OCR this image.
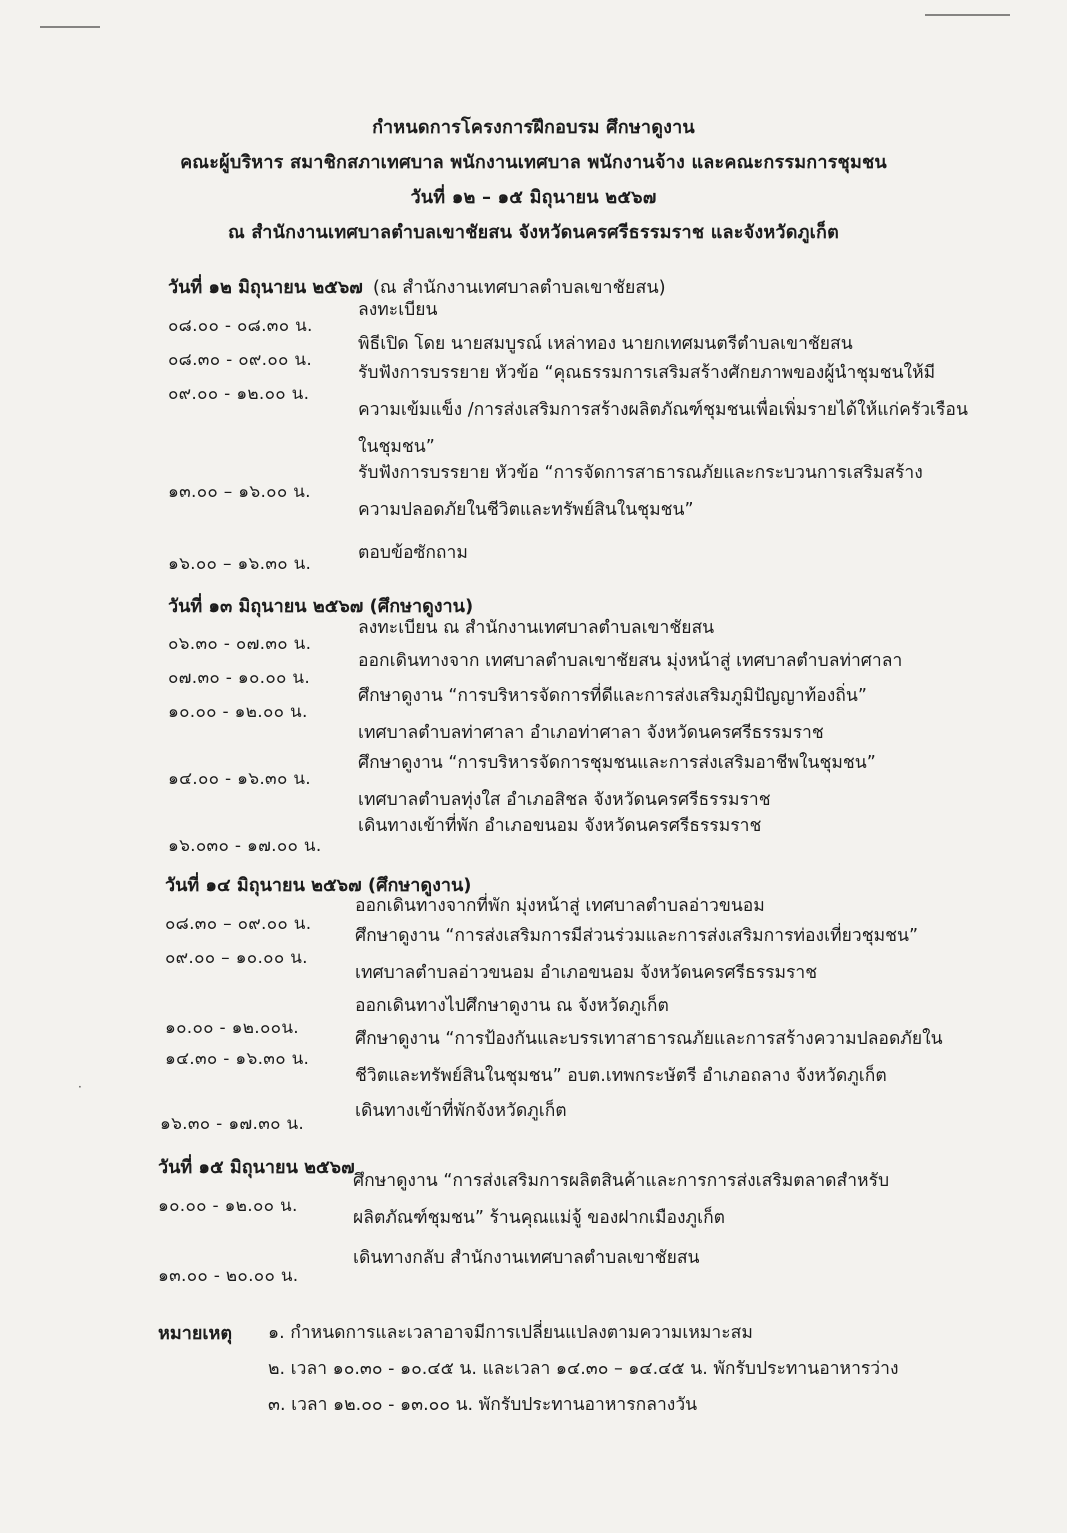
·
กำหนดการโครงการฝึกอบรม ศึกษาดูงาน
คณะผู้บริหาร สมาชิกสภาเทศบาล พนักงานเทศบาล พนักงานจ้าง และคณะกรรมการชุมชน
วันที่ ๑๒ – ๑๕ มิถุนายน ๒๕๖๗
ณ สำนักงานเทศบาลตำบลเขาชัยสน จังหวัดนครศรีธรรมราช และจังหวัดภูเก็ต
วันที่ ๑๒ มิถุนายน ๒๕๖๗ (ณ สำนักงานเทศบาลตำบลเขาชัยสน)
๐๘.๐๐ - ๐๘.๓๐ น.
ลงทะเบียน
๐๘.๓๐ - ๐๙.๐๐ น.
พิธีเปิด โดย นายสมบูรณ์ เหล่าทอง นายกเทศมนตรีตำบลเขาชัยสน
๐๙.๐๐ - ๑๒.๐๐ น.
รับฟังการบรรยาย หัวข้อ “คุณธรรมการเสริมสร้างศักยภาพของผู้นำชุมชนให้มี
ความเข้มแข็ง /การส่งเสริมการสร้างผลิตภัณฑ์ชุมชนเพื่อเพิ่มรายได้ให้แก่ครัวเรือน
ในชุมชน”
๑๓.๐๐ – ๑๖.๐๐ น.
รับฟังการบรรยาย หัวข้อ “การจัดการสาธารณภัยและกระบวนการเสริมสร้าง
ความปลอดภัยในชีวิตและทรัพย์สินในชุมชน”
๑๖.๐๐ – ๑๖.๓๐ น.
ตอบข้อซักถาม
วันที่ ๑๓ มิถุนายน ๒๕๖๗ (ศึกษาดูงาน)
๐๖.๓๐ - ๐๗.๓๐ น.
ลงทะเบียน ณ สำนักงานเทศบาลตำบลเขาชัยสน
๐๗.๓๐ - ๑๐.๐๐ น.
ออกเดินทางจาก เทศบาลตำบลเขาชัยสน มุ่งหน้าสู่ เทศบาลตำบลท่าศาลา
๑๐.๐๐ - ๑๒.๐๐ น.
ศึกษาดูงาน “การบริหารจัดการที่ดีและการส่งเสริมภูมิปัญญาท้องถิ่น”
เทศบาลตำบลท่าศาลา อำเภอท่าศาลา จังหวัดนครศรีธรรมราช
๑๔.๐๐ - ๑๖.๓๐ น.
ศึกษาดูงาน “การบริหารจัดการชุมชนและการส่งเสริมอาชีพในชุมชน”
เทศบาลตำบลทุ่งใส อำเภอสิชล จังหวัดนครศรีธรรมราช
๑๖.๐๓๐ - ๑๗.๐๐ น.
เดินทางเข้าที่พัก อำเภอขนอม จังหวัดนครศรีธรรมราช
วันที่ ๑๔ มิถุนายน ๒๕๖๗ (ศึกษาดูงาน)
๐๘.๓๐ – ๐๙.๐๐ น.
ออกเดินทางจากที่พัก มุ่งหน้าสู่ เทศบาลตำบลอ่าวขนอม
๐๙.๐๐ – ๑๐.๐๐ น.
ศึกษาดูงาน “การส่งเสริมการมีส่วนร่วมและการส่งเสริมการท่องเที่ยวชุมชน”
เทศบาลตำบลอ่าวขนอม อำเภอขนอม จังหวัดนครศรีธรรมราช
๑๐.๐๐ - ๑๒.๐๐น.
ออกเดินทางไปศึกษาดูงาน ณ จังหวัดภูเก็ต
๑๔.๓๐ - ๑๖.๓๐ น.
ศึกษาดูงาน “การป้องกันและบรรเทาสาธารณภัยและการสร้างความปลอดภัยใน
ชีวิตและทรัพย์สินในชุมชน” อบต.เทพกระษัตรี อำเภอถลาง จังหวัดภูเก็ต
๑๖.๓๐ - ๑๗.๓๐ น.
เดินทางเข้าที่พักจังหวัดภูเก็ต
วันที่ ๑๕ มิถุนายน ๒๕๖๗
๑๐.๐๐ - ๑๒.๐๐ น.
ศึกษาดูงาน “การส่งเสริมการผลิตสินค้าและการการส่งเสริมตลาดสำหรับ
ผลิตภัณฑ์ชุมชน” ร้านคุณแม่จู้ ของฝากเมืองภูเก็ต
๑๓.๐๐ - ๒๐.๐๐ น.
เดินทางกลับ สำนักงานเทศบาลตำบลเขาชัยสน
หมายเหตุ ๑. กำหนดการและเวลาอาจมีการเปลี่ยนแปลงตามความเหมาะสม
๒. เวลา ๑๐.๓๐ - ๑๐.๔๕ น. และเวลา ๑๔.๓๐ – ๑๔.๔๕ น. พักรับประทานอาหารว่าง
๓. เวลา ๑๒.๐๐ - ๑๓.๐๐ น. พักรับประทานอาหารกลางวัน
